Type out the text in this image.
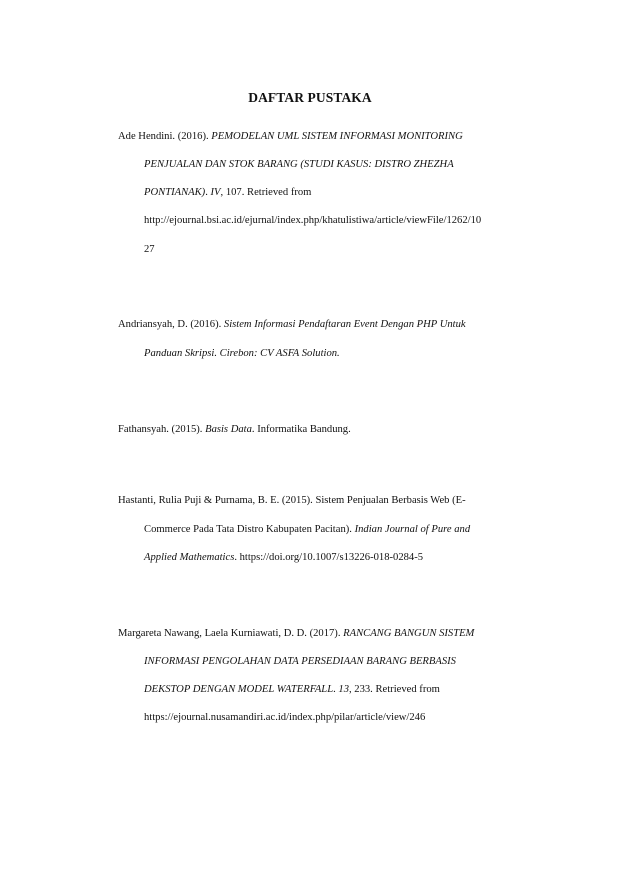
DAFTAR PUSTAKA
Ade Hendini. (2016). PEMODELAN UML SISTEM INFORMASI MONITORING
PENJUALAN DAN STOK BARANG (STUDI KASUS: DISTRO ZHEZHA
PONTIANAK). IV, 107. Retrieved from
http://ejournal.bsi.ac.id/ejurnal/index.php/khatulistiwa/article/viewFile/1262/10
27
Andriansyah, D. (2016). Sistem Informasi Pendaftaran Event Dengan PHP Untuk
Panduan Skripsi. Cirebon: CV ASFA Solution.
Fathansyah. (2015). Basis Data. Informatika Bandung.
Hastanti, Rulia Puji & Purnama, B. E. (2015). Sistem Penjualan Berbasis Web (E-
Commerce Pada Tata Distro Kabupaten Pacitan). Indian Journal of Pure and
Applied Mathematics. https://doi.org/10.1007/s13226-018-0284-5
Margareta Nawang, Laela Kurniawati, D. D. (2017). RANCANG BANGUN SISTEM
INFORMASI PENGOLAHAN DATA PERSEDIAAN BARANG BERBASIS
DEKSTOP DENGAN MODEL WATERFALL. 13, 233. Retrieved from
https://ejournal.nusamandiri.ac.id/index.php/pilar/article/view/246
